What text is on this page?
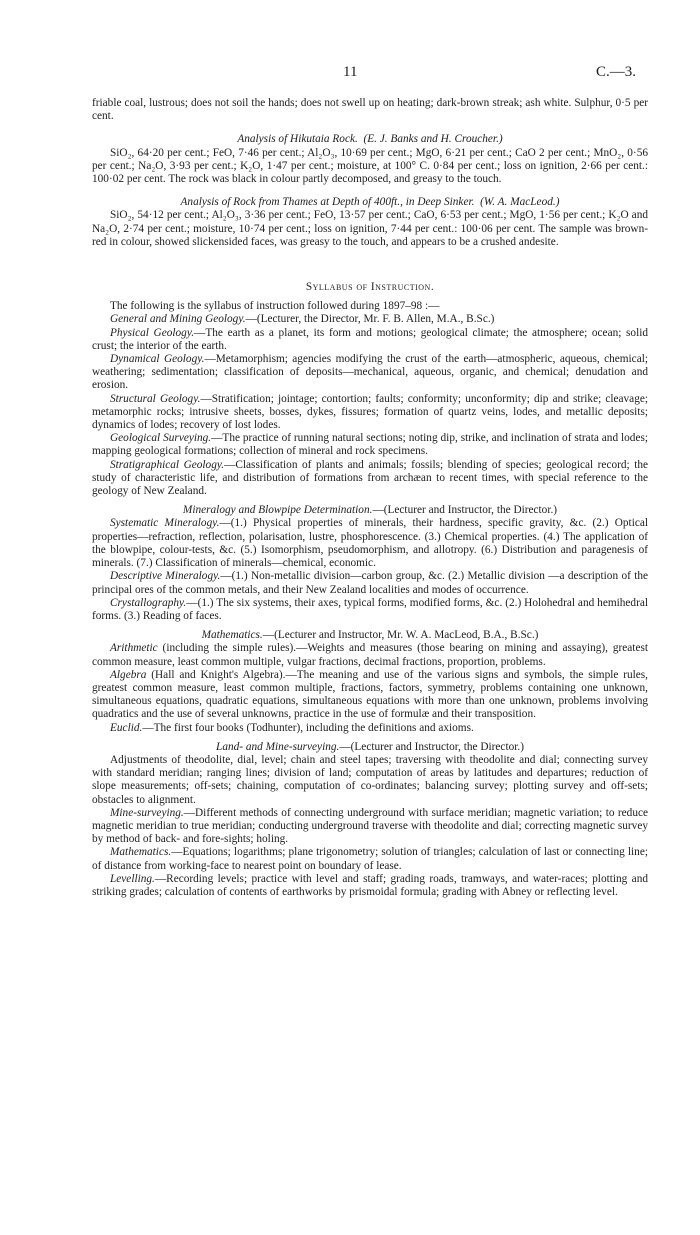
11	C.—3.

friable coal, lustrous; does not soil the hands; does not swell up on heating; dark-brown streak; ash white. Sulphur, 0·5 per cent.

Analysis of Hikutaia Rock. (E. J. Banks and H. Croucher.)

SiO₂, 64·20 per cent.; FeO, 7·46 per cent.; Al₂O₃, 10·69 per cent.; MgO, 6·21 per cent.; CaO 2 per cent.; MnO₂, 0·56 per cent.; Na₂O, 3·93 per cent.; K₂O, 1·47 per cent.; moisture, at 100° C. 0·84 per cent.; loss on ignition, 2·66 per cent.: 100·02 per cent. The rock was black in colour partly decomposed, and greasy to the touch.

Analysis of Rock from Thames at Depth of 400ft., in Deep Sinker. (W. A. MacLeod.)

SiO₂, 54·12 per cent.; Al₂O₃, 3·36 per cent.; FeO, 13·57 per cent.; CaO, 6·53 per cent.; MgO, 1·56 per cent.; K₂O and Na₂O, 2·74 per cent.; moisture, 10·74 per cent.; loss on ignition, 7·44 per cent.: 100·06 per cent. The sample was brown-red in colour, showed slickensided faces, was greasy to the touch, and appears to be a crushed andesite.

Syllabus of Instruction.

The following is the syllabus of instruction followed during 1897–98 :—

General and Mining Geology.—(Lecturer, the Director, Mr. F. B. Allen, M.A., B.Sc.)

Physical Geology.—The earth as a planet, its form and motions; geological climate; the atmosphere; ocean; solid crust; the interior of the earth.

Dynamical Geology.—Metamorphism; agencies modifying the crust of the earth—atmospheric, aqueous, chemical; weathering; sedimentation; classification of deposits—mechanical, aqueous, organic, and chemical; denudation and erosion.

Structural Geology.—Stratification; jointage; contortion; faults; conformity; unconformity; dip and strike; cleavage; metamorphic rocks; intrusive sheets, bosses, dykes, fissures; formation of quartz veins, lodes, and metallic deposits; dynamics of lodes; recovery of lost lodes.

Geological Surveying.—The practice of running natural sections; noting dip, strike, and inclination of strata and lodes; mapping geological formations; collection of mineral and rock specimens.

Stratigraphical Geology.—Classification of plants and animals; fossils; blending of species; geological record; the study of characteristic life, and distribution of formations from archæan to recent times, with special reference to the geology of New Zealand.

Mineralogy and Blowpipe Determination.—(Lecturer and Instructor, the Director.)

Systematic Mineralogy.—(1.) Physical properties of minerals, their hardness, specific gravity, &c. (2.) Optical properties—refraction, reflection, polarisation, lustre, phosphorescence. (3.) Chemical properties. (4.) The application of the blowpipe, colour-tests, &c. (5.) Isomorphism, pseudomorphism, and allotropy. (6.) Distribution and paragenesis of minerals. (7.) Classification of minerals—chemical, economic.

Descriptive Mineralogy.—(1.) Non-metallic division—carbon group, &c. (2.) Metallic division —a description of the principal ores of the common metals, and their New Zealand localities and modes of occurrence.

Crystallography.—(1.) The six systems, their axes, typical forms, modified forms, &c. (2.) Holohedral and hemihedral forms. (3.) Reading of faces.

Mathematics.—(Lecturer and Instructor, Mr. W. A. MacLeod, B.A., B.Sc.)

Arithmetic (including the simple rules).—Weights and measures (those bearing on mining and assaying), greatest common measure, least common multiple, vulgar fractions, decimal fractions, proportion, problems.

Algebra (Hall and Knight's Algebra).—The meaning and use of the various signs and symbols, the simple rules, greatest common measure, least common multiple, fractions, factors, symmetry, problems containing one unknown, simultaneous equations, quadratic equations, simultaneous equations with more than one unknown, problems involving quadratics and the use of several unknowns, practice in the use of formulæ and their transposition.

Euclid.—The first four books (Todhunter), including the definitions and axioms.

Land- and Mine-surveying.—(Lecturer and Instructor, the Director.)

Adjustments of theodolite, dial, level; chain and steel tapes; traversing with theodolite and dial; connecting survey with standard meridian; ranging lines; division of land; computation of areas by latitudes and departures; reduction of slope measurements; off-sets; chaining, computation of co-ordinates; balancing survey; plotting survey and off-sets; obstacles to alignment.

Mine-surveying.—Different methods of connecting underground with surface meridian; magnetic variation; to reduce magnetic meridian to true meridian; conducting underground traverse with theodolite and dial; correcting magnetic survey by method of back- and fore-sights; holing.

Mathematics.—Equations; logarithms; plane trigonometry; solution of triangles; calculation of last or connecting line; of distance from working-face to nearest point on boundary of lease.

Levelling.—Recording levels; practice with level and staff; grading roads, tramways, and water-races; plotting and striking grades; calculation of contents of earthworks by prismoidal formula; grading with Abney or reflecting level.
